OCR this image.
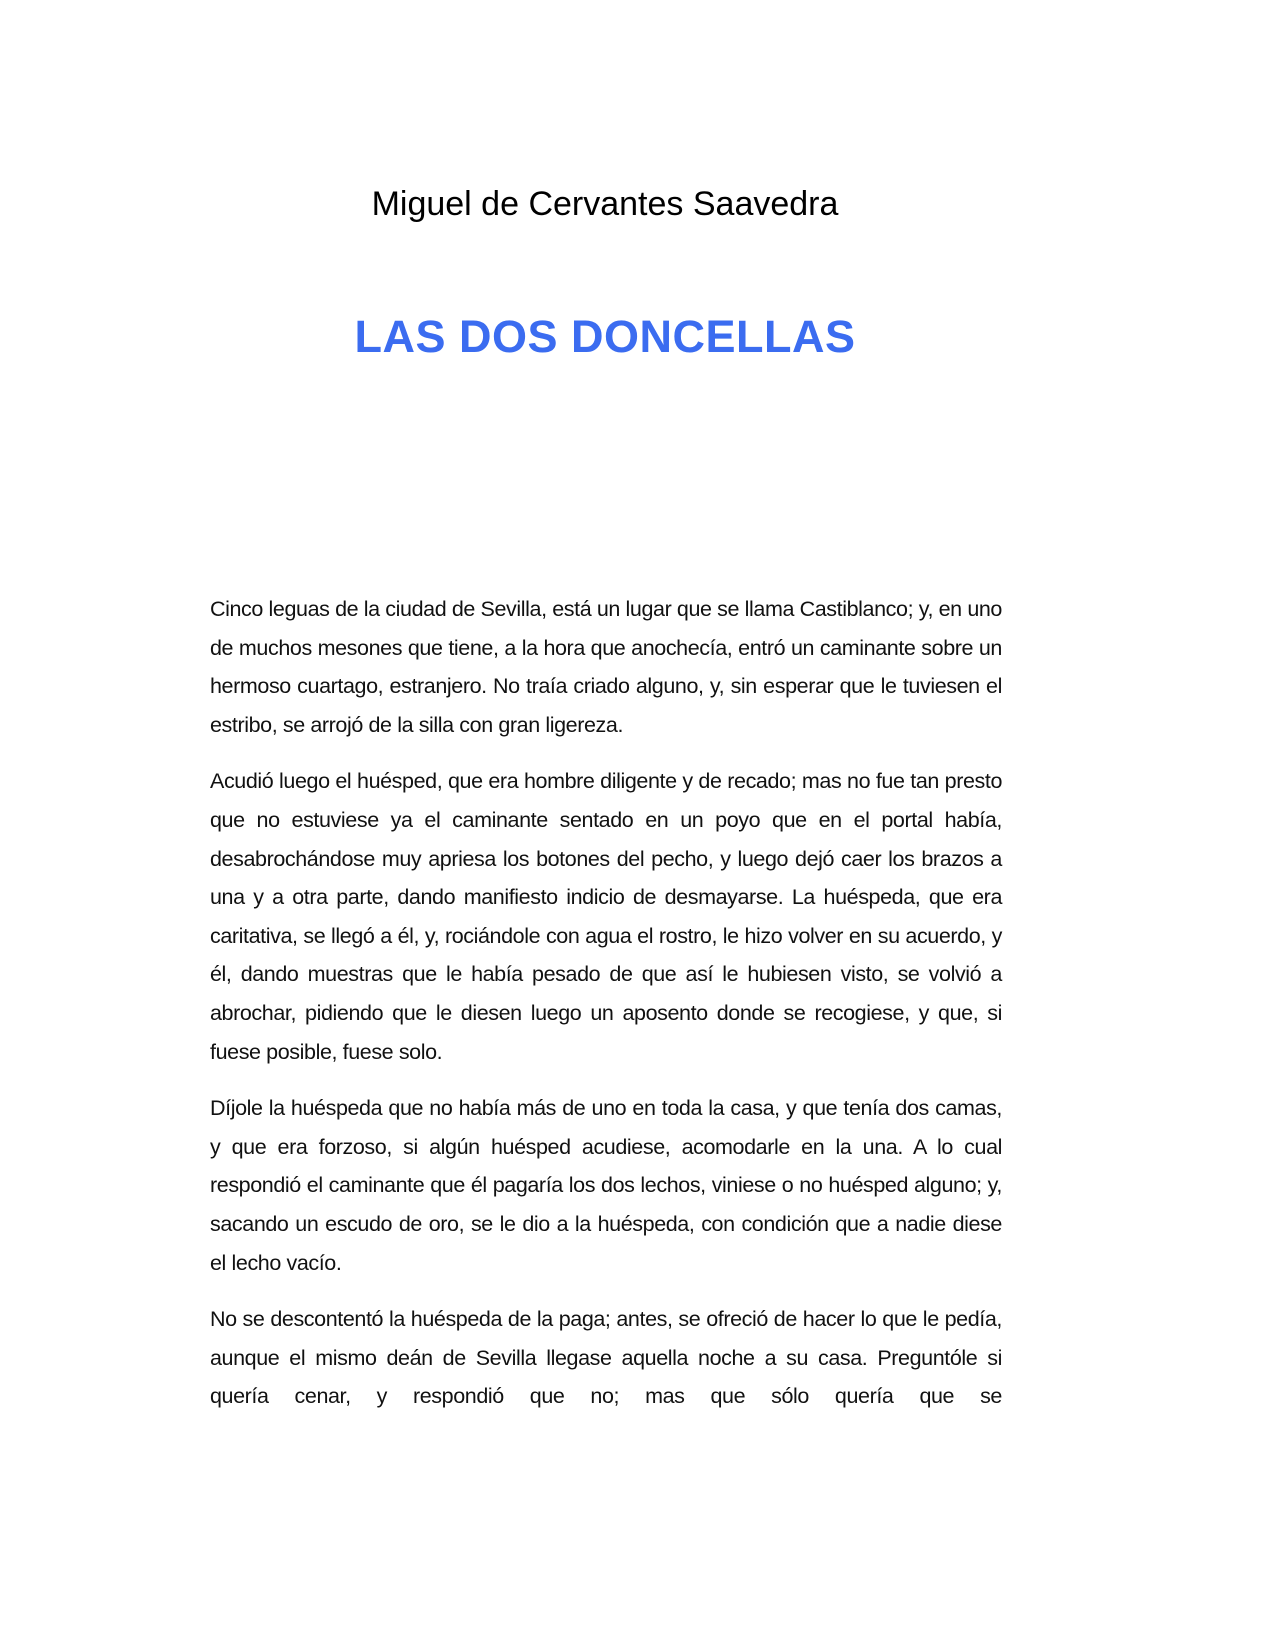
Miguel de Cervantes Saavedra
LAS DOS DONCELLAS

Cinco leguas de la ciudad de Sevilla, está un lugar que se llama Castiblanco; y, en uno de muchos mesones que tiene, a la hora que anochecía, entró un caminante sobre un hermoso cuartago, estranjero. No traía criado alguno, y, sin esperar que le tuviesen el estribo, se arrojó de la silla con gran ligereza.

Acudió luego el huésped, que era hombre diligente y de recado; mas no fue tan presto que no estuviese ya el caminante sentado en un poyo que en el portal había, desabrochándose muy apriesa los botones del pecho, y luego dejó caer los brazos a una y a otra parte, dando manifiesto indicio de desmayarse. La huéspeda, que era caritativa, se llegó a él, y, rociándole con agua el rostro, le hizo volver en su acuerdo, y él, dando muestras que le había pesado de que así le hubiesen visto, se volvió a abrochar, pidiendo que le diesen luego un aposento donde se recogiese, y que, si fuese posible, fuese solo.

Díjole la huéspeda que no había más de uno en toda la casa, y que tenía dos camas, y que era forzoso, si algún huésped acudiese, acomodarle en la una. A lo cual respondió el caminante que él pagaría los dos lechos, viniese o no huésped alguno; y, sacando un escudo de oro, se le dio a la huéspeda, con condición que a nadie diese el lecho vacío.

No se descontentó la huéspeda de la paga; antes, se ofreció de hacer lo que le pedía, aunque el mismo deán de Sevilla llegase aquella noche a su casa. Preguntóle si quería cenar, y respondió que no; mas que sólo quería que se
